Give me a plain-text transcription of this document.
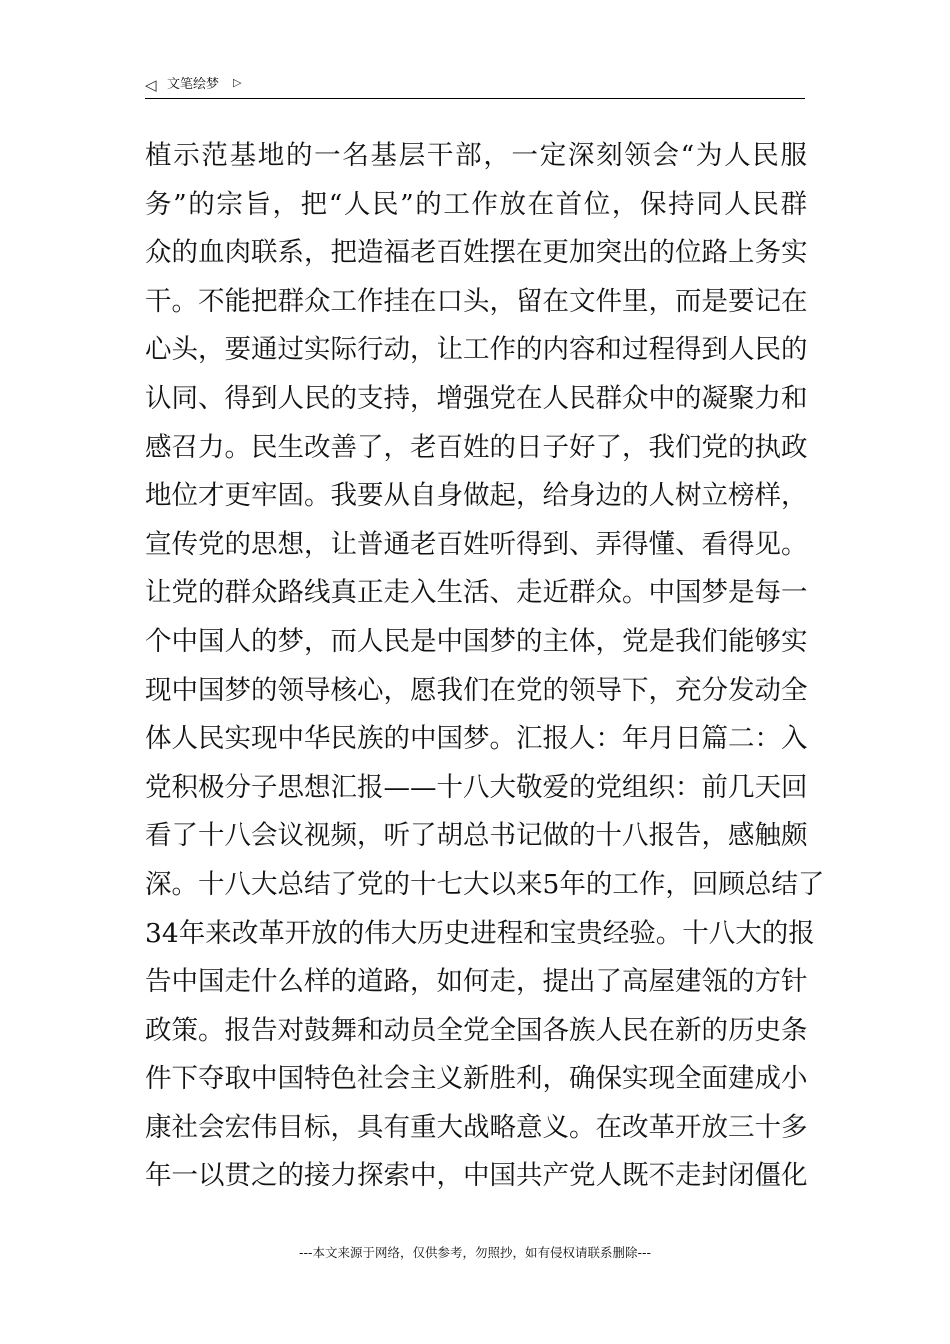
◁ 文笔绘梦 ▷
植示范基地的一名基层干部，一定深刻领会“为人民服
务”的宗旨，把“人民”的工作放在首位，保持同人民群
众的血肉联系，把造福老百姓摆在更加突出的位路上务实
干。不能把群众工作挂在口头，留在文件里，而是要记在
心头，要通过实际行动，让工作的内容和过程得到人民的
认同、得到人民的支持，增强党在人民群众中的凝聚力和
感召力。民生改善了，老百姓的日子好了，我们党的执政
地位才更牢固。我要从自身做起，给身边的人树立榜样，
宣传党的思想，让普通老百姓听得到、弄得懂、看得见。
让党的群众路线真正走入生活、走近群众。中国梦是每一
个中国人的梦，而人民是中国梦的主体，党是我们能够实
现中国梦的领导核心，愿我们在党的领导下，充分发动全
体人民实现中华民族的中国梦。汇报人：年月日篇二：入
党积极分子思想汇报——十八大敬爱的党组织：前几天回
看了十八会议视频，听了胡总书记做的十八报告，感触颇
深。十八大总结了党的十七大以来5年的工作，回顾总结了
34年来改革开放的伟大历史进程和宝贵经验。十八大的报
告中国走什么样的道路，如何走，提出了高屋建瓴的方针
政策。报告对鼓舞和动员全党全国各族人民在新的历史条
件下夺取中国特色社会主义新胜利，确保实现全面建成小
康社会宏伟目标，具有重大战略意义。在改革开放三十多
年一以贯之的接力探索中，中国共产党人既不走封闭僵化
---本文来源于网络，仅供参考，勿照抄，如有侵权请联系删除---
